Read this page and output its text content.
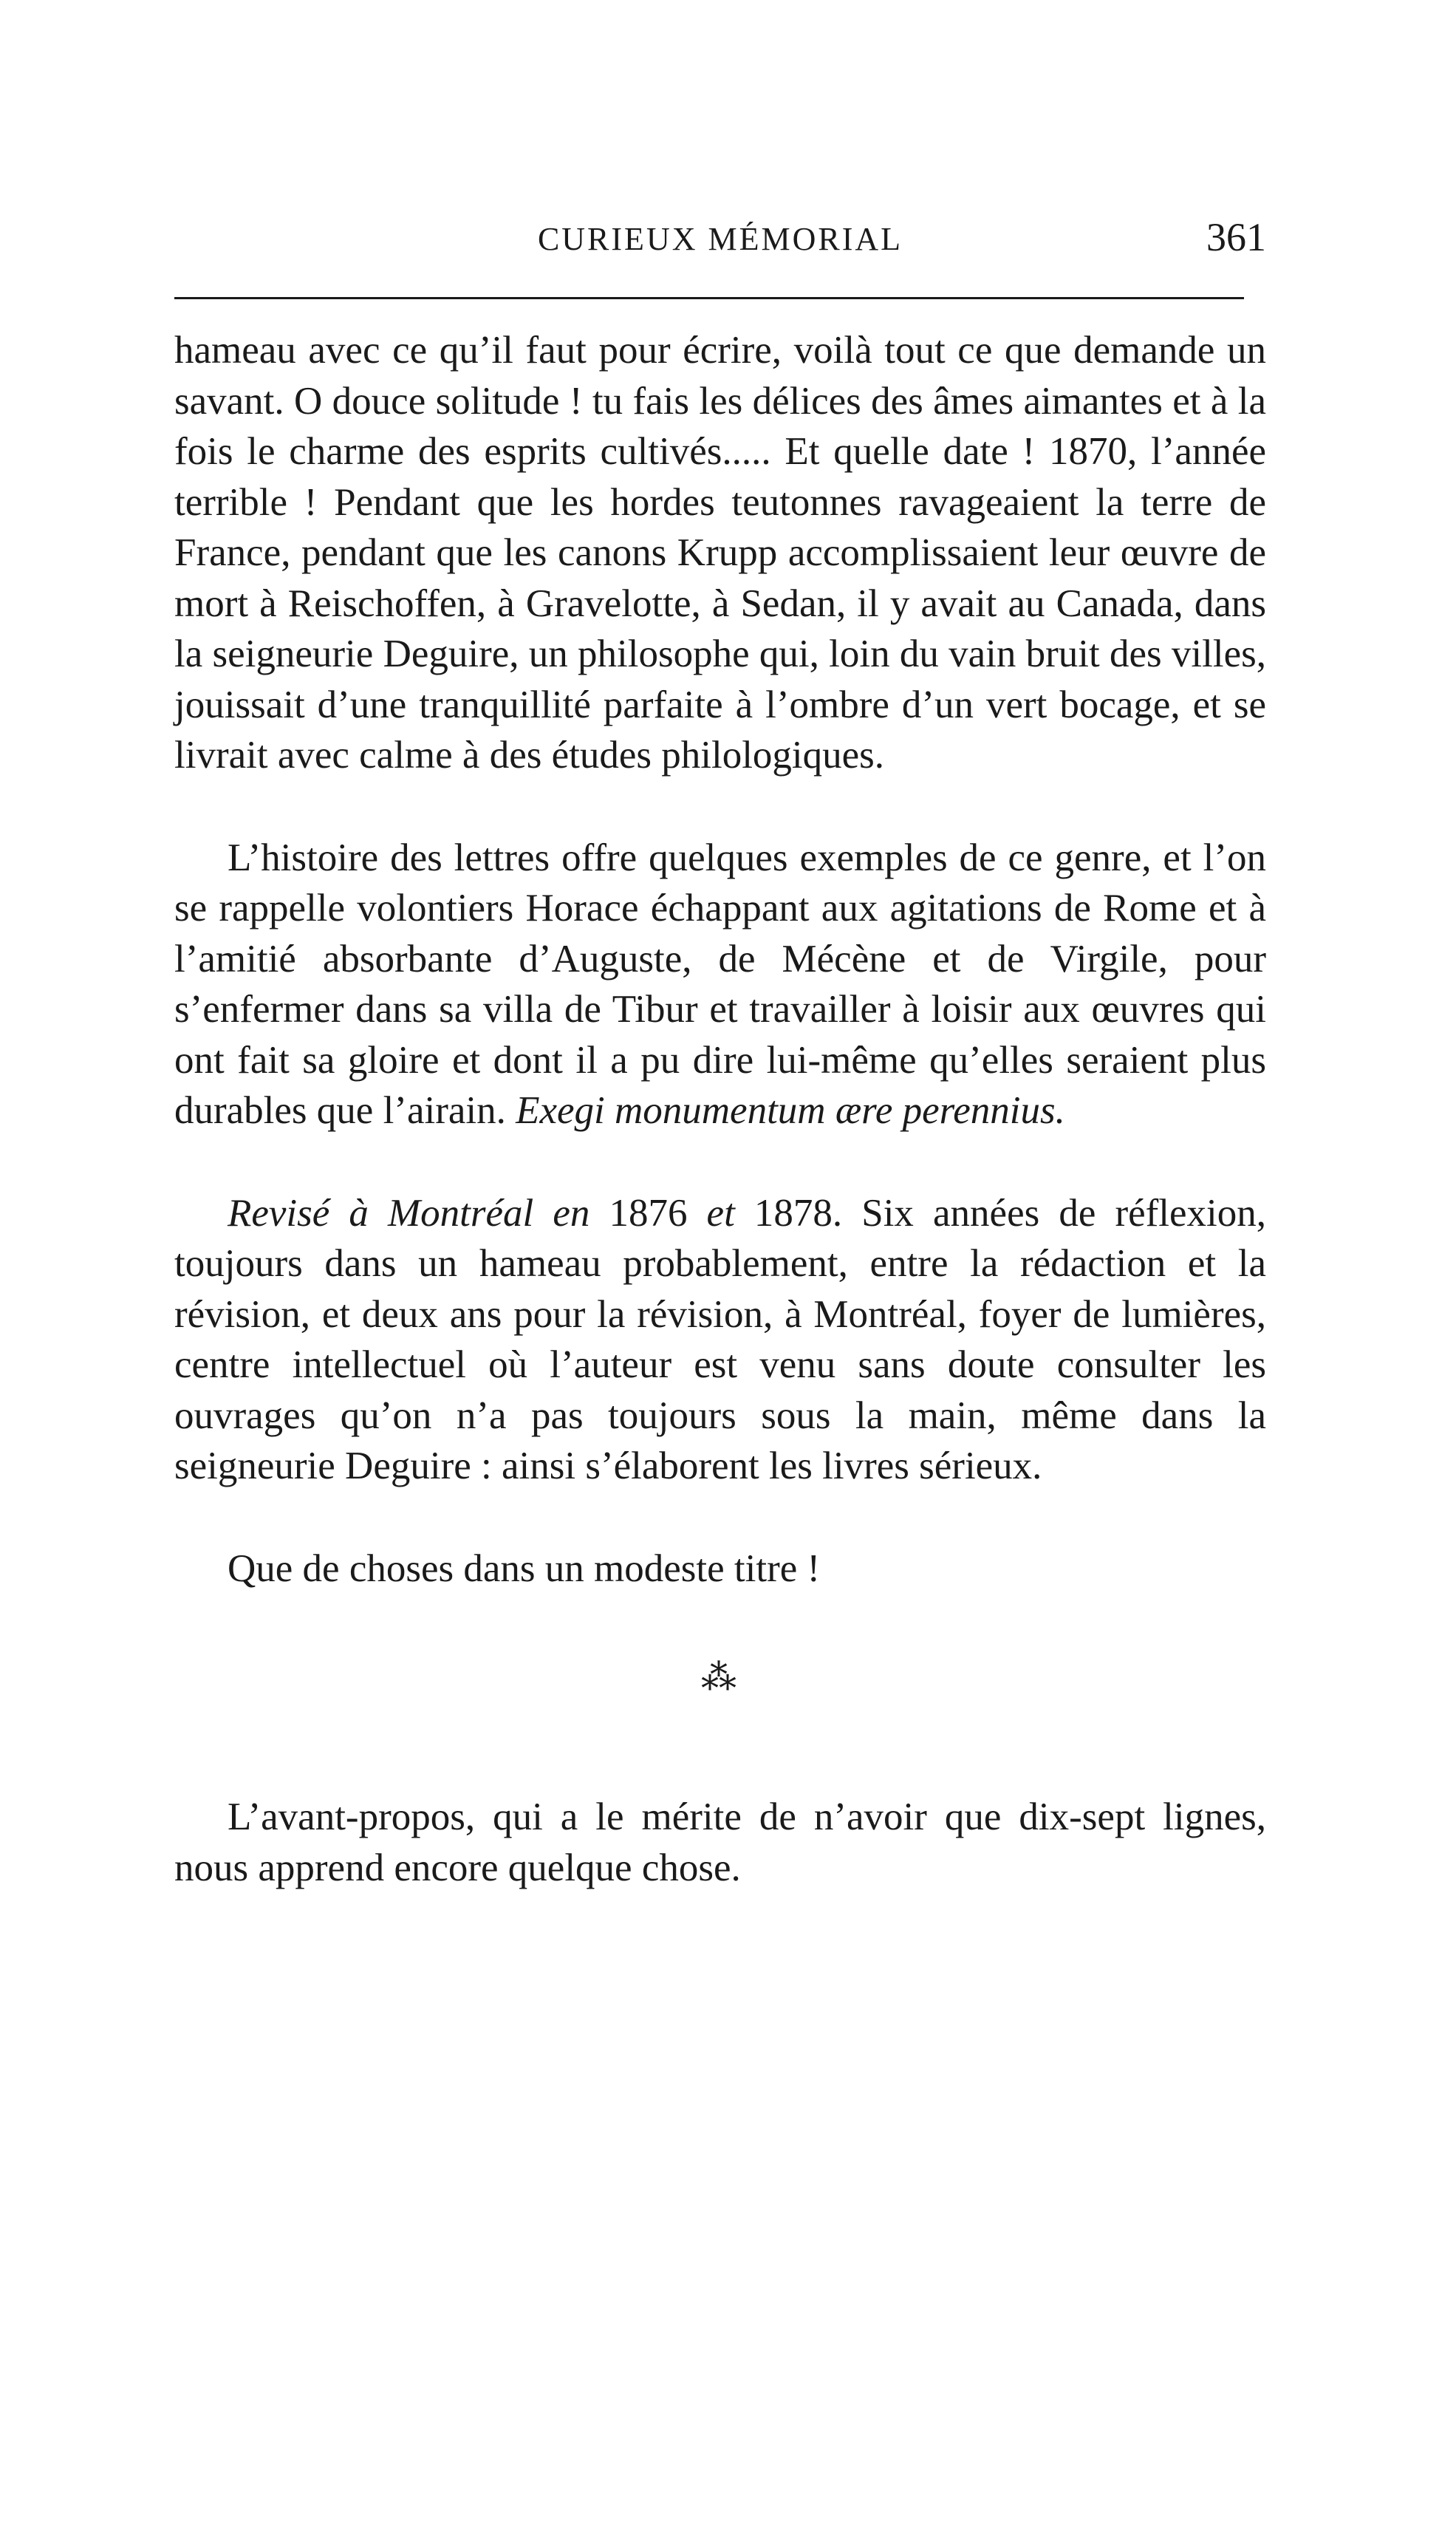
CURIEUX MÉMORIAL	361

hameau avec ce qu’il faut pour écrire, voilà tout ce que demande un savant. O douce solitude ! tu fais les délices des âmes aimantes et à la fois le charme des esprits cultivés..... Et quelle date ! 1870, l’année terrible ! Pendant que les hordes teutonnes ravageaient la terre de France, pendant que les canons Krupp accomplissaient leur œuvre de mort à Reischoffen, à Gravelotte, à Sedan, il y avait au Canada, dans la seigneurie Deguire, un philosophe qui, loin du vain bruit des villes, jouissait d’une tranquillité parfaite à l’ombre d’un vert bocage, et se livrait avec calme à des études philologiques.

L’histoire des lettres offre quelques exemples de ce genre, et l’on se rappelle volontiers Horace échappant aux agitations de Rome et à l’amitié absorbante d’Auguste, de Mécène et de Virgile, pour s’enfermer dans sa villa de Tibur et travailler à loisir aux œuvres qui ont fait sa gloire et dont il a pu dire lui-même qu’elles seraient plus durables que l’airain. Exegi monumentum ære perennius.

Revisé à Montréal en 1876 et 1878. Six années de réflexion, toujours dans un hameau probablement, entre la rédaction et la révision, et deux ans pour la révision, à Montréal, foyer de lumières, centre intellectuel où l’auteur est venu sans doute consulter les ouvrages qu’on n’a pas toujours sous la main, même dans la seigneurie Deguire : ainsi s’élaborent les livres sérieux.

Que de choses dans un modeste titre !

⁂

L’avant-propos, qui a le mérite de n’avoir que dix-sept lignes, nous apprend encore quelque chose.
